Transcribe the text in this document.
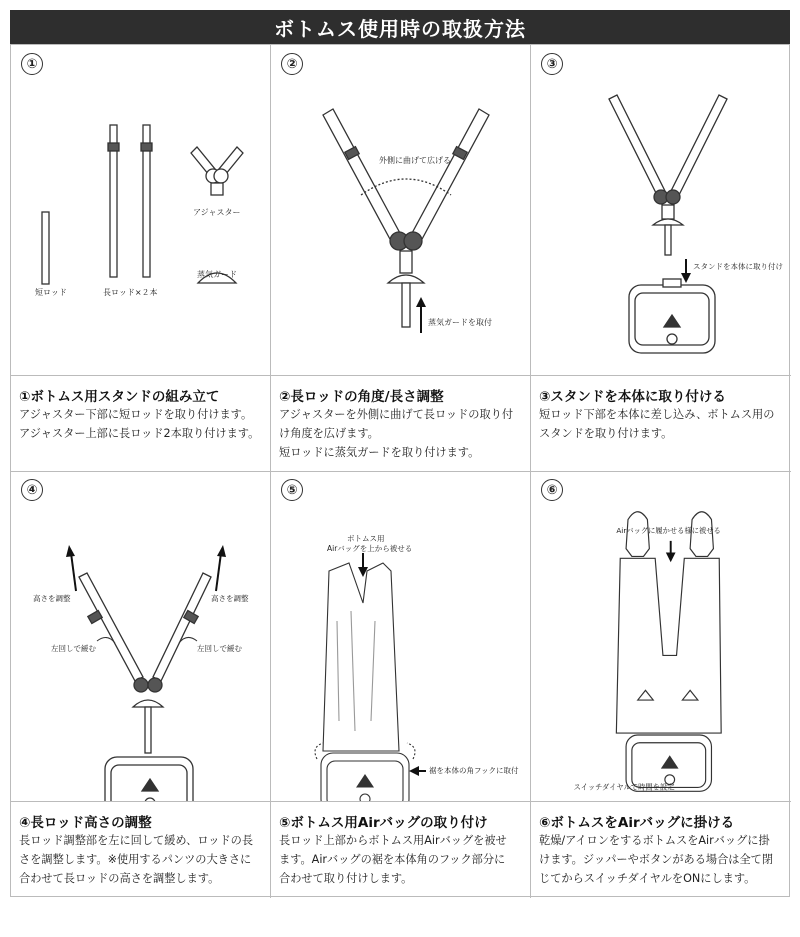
ボトムス使用時の取扱方法
①
短ロッド	長ロッド×２本
アジャスター
蒸気ガード
①ボトムス用スタンドの組み立て
アジャスター下部に短ロッドを取り付けます。
アジャスター上部に長ロッド2本取り付けます。
②
外側に曲げて広げる
蒸気ガードを取付
②長ロッドの角度/長さ調整
アジャスターを外側に曲げて長ロッドの取り付
け角度を広げます。
短ロッドに蒸気ガードを取り付けます。
③
スタンドを本体に取り付け
③スタンドを本体に取り付ける
短ロッド下部を本体に差し込み、ボトムス用の
スタンドを取り付けます。
④
高さを調整	高さを調整
左回しで緩む	左回しで緩む
④長ロッド高さの調整
長ロッド調整部を左に回して緩め、ロッドの長
さを調整します。※使用するパンツの大きさに
合わせて長ロッドの高さを調整します。
⑤
ボトムス用
Airバッグを上から被せる
裾を本体の角フックに取付
⑤ボトムス用Airバッグの取り付け
長ロッド上部からボトムス用Airバッグを被せ
ます。Airバッグの裾を本体角のフック部分に
合わせて取り付けします。
⑥
Airバッグに履かせる様に被せる
スイッチダイヤルで時間を設定
⑥ボトムスをAirバッグに掛ける
乾燥/アイロンをするボトムスをAirバッグに掛
けます。ジッパーやボタンがある場合は全て閉
じてからスイッチダイヤルをONにします。
